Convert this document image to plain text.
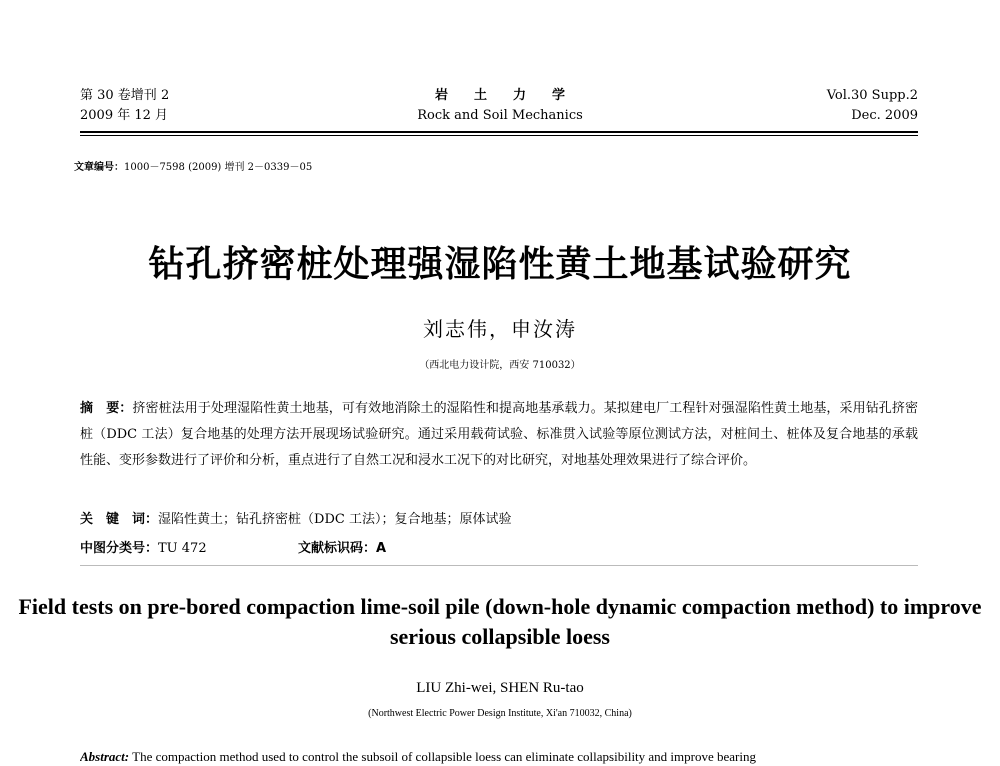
第 30 卷增刊 2
2009 年 12 月
岩土力学
Rock and Soil Mechanics
Vol.30 Supp.2
Dec. 2009
文章编号：1000－7598 (2009) 增刊 2－0339－05
钻孔挤密桩处理强湿陷性黄土地基试验研究
刘志伟，申汝涛
（西北电力设计院，西安 710032）
摘　要：挤密桩法用于处理湿陷性黄土地基，可有效地消除土的湿陷性和提高地基承载力。某拟建电厂工程针对强湿陷性黄土地基，采用钻孔挤密桩（DDC 工法）复合地基的处理方法开展现场试验研究。通过采用载荷试验、标准贯入试验等原位测试方法，对桩间土、桩体及复合地基的承载性能、变形参数进行了评价和分析，重点进行了自然工况和浸水工况下的对比研究，对地基处理效果进行了综合评价。
关　键　词：湿陷性黄土；钻孔挤密桩（DDC 工法）；复合地基；原体试验
中图分类号：TU 472	文献标识码：A
Field tests on pre-bored compaction lime-soil pile (down-hole dynamic compaction method) to improve serious collapsible loess
LIU Zhi-wei, SHEN Ru-tao
(Northwest Electric Power Design Institute, Xi'an 710032, China)
Abstract: The compaction method used to control the subsoil of collapsible loess can eliminate collapsibility and improve bearing
